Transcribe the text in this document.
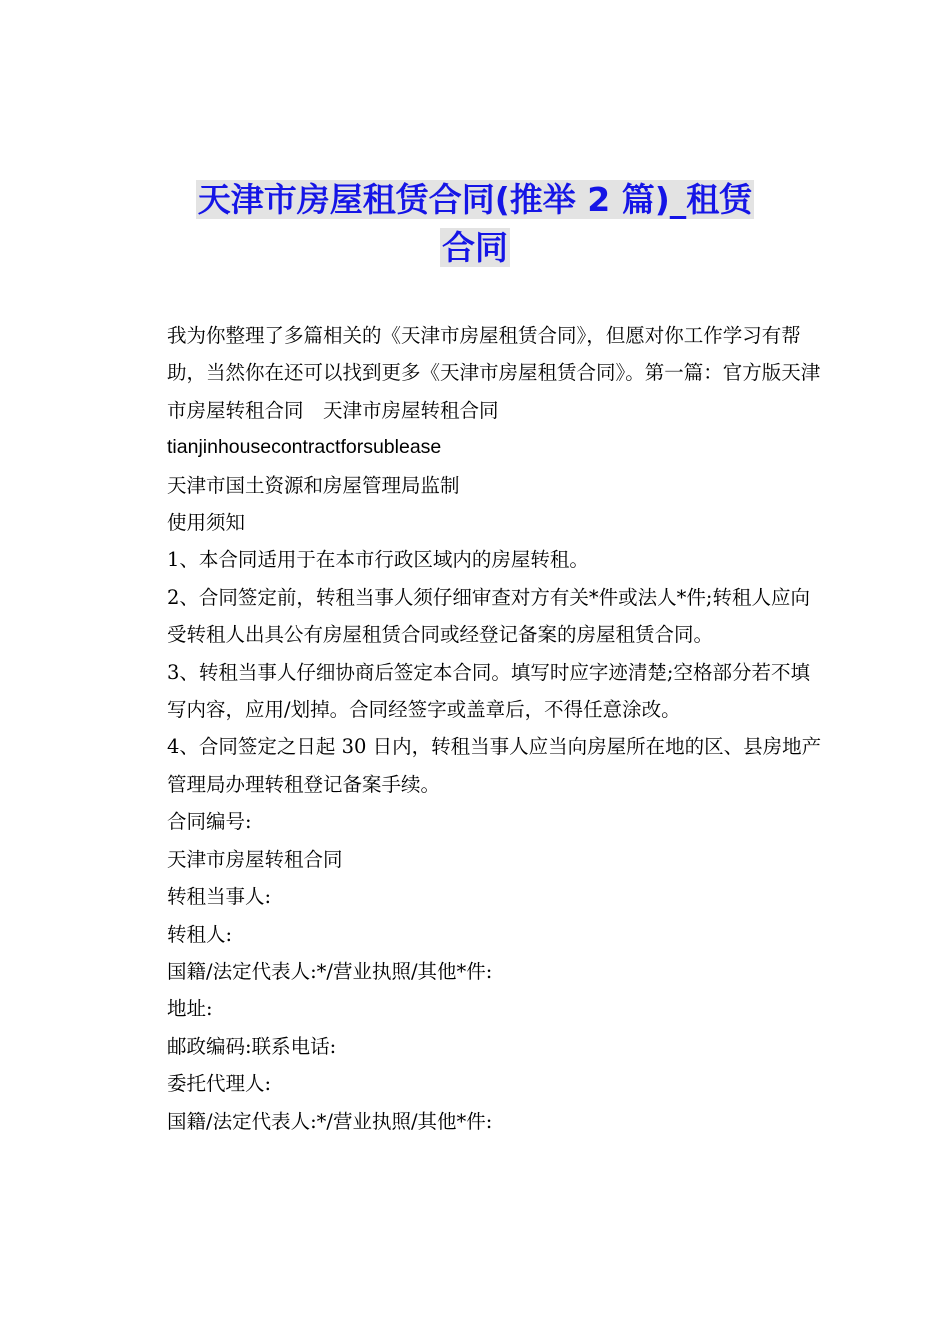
天津市房屋租赁合同(推举 2 篇)_租赁
合同

我为你整理了多篇相关的《天津市房屋租赁合同》，但愿对你工作学习有帮助，当然你在还可以找到更多《天津市房屋租赁合同》。第一篇：官方版天津市房屋转租合同　天津市房屋转租合同

tianjinhousecontractforsublease

天津市国土资源和房屋管理局监制

使用须知

1、本合同适用于在本市行政区域内的房屋转租。

2、合同签定前，转租当事人须仔细审查对方有关*件或法人*件;转租人应向受转租人出具公有房屋租赁合同或经登记备案的房屋租赁合同。

3、转租当事人仔细协商后签定本合同。填写时应字迹清楚;空格部分若不填写内容，应用/划掉。合同经签字或盖章后，不得任意涂改。

4、合同签定之日起 30 日内，转租当事人应当向房屋所在地的区、县房地产管理局办理转租登记备案手续。

合同编号:

天津市房屋转租合同

转租当事人:

转租人:

国籍/法定代表人:*/营业执照/其他*件:

地址:

邮政编码:联系电话:

委托代理人:

国籍/法定代表人:*/营业执照/其他*件:
